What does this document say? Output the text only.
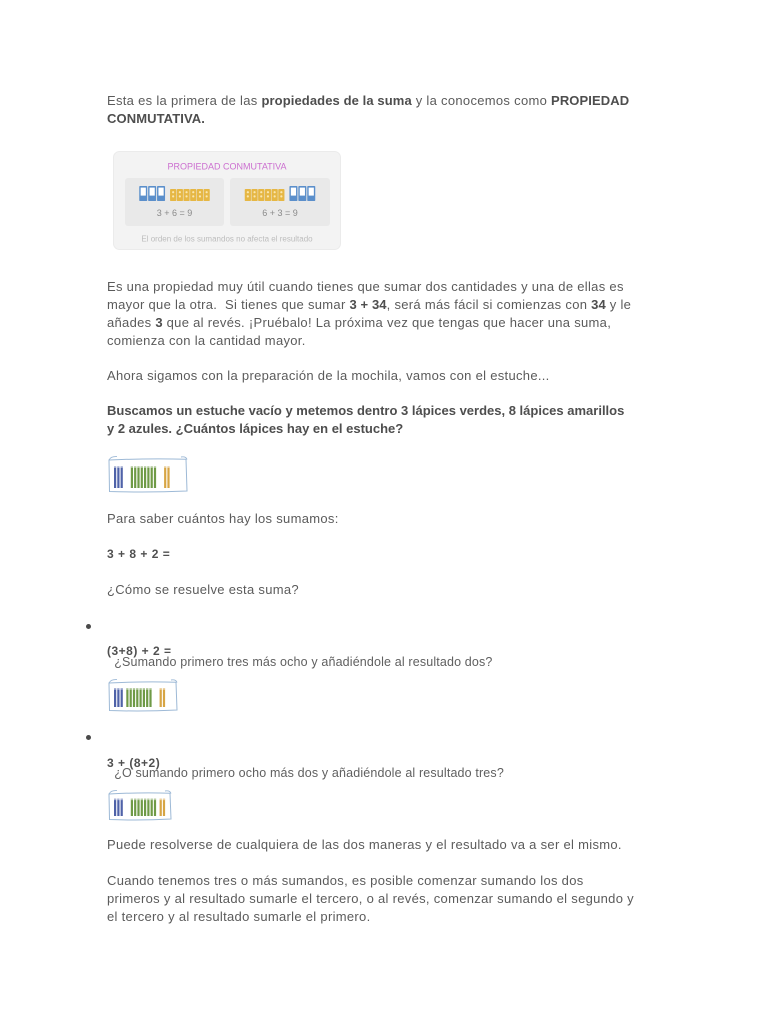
Esta es la primera de las propiedades de la suma y la conocemos como PROPIEDAD
CONMUTATIVA.
PROPIEDAD CONMUTATIVA
3 + 6 = 9	6 + 3 = 9
El orden de los sumandos no afecta el resultado
Es una propiedad muy útil cuando tienes que sumar dos cantidades y una de ellas es
mayor que la otra.  Si tienes que sumar 3 + 34, será más fácil si comienzas con 34 y le
añades 3 que al revés. ¡Pruébalo! La próxima vez que tengas que hacer una suma,
comienza con la cantidad mayor.
Ahora sigamos con la preparación de la mochila, vamos con el estuche...
Buscamos un estuche vacío y metemos dentro 3 lápices verdes, 8 lápices amarillos
y 2 azules. ¿Cuántos lápices hay en el estuche?
Para saber cuántos hay los sumamos:
3 + 8 + 2 =
¿Cómo se resuelve esta suma?

¿Sumando primero tres más ocho y añadiéndole al resultado dos?

(3+8) + 2 =

¿O sumando primero ocho más dos y añadiéndole al resultado tres?

3 + (8+2)
Puede resolverse de cualquiera de las dos maneras y el resultado va a ser el mismo.
Cuando tenemos tres o más sumandos, es posible comenzar sumando los dos
primeros y al resultado sumarle el tercero, o al revés, comenzar sumando el segundo y
el tercero y al resultado sumarle el primero.
